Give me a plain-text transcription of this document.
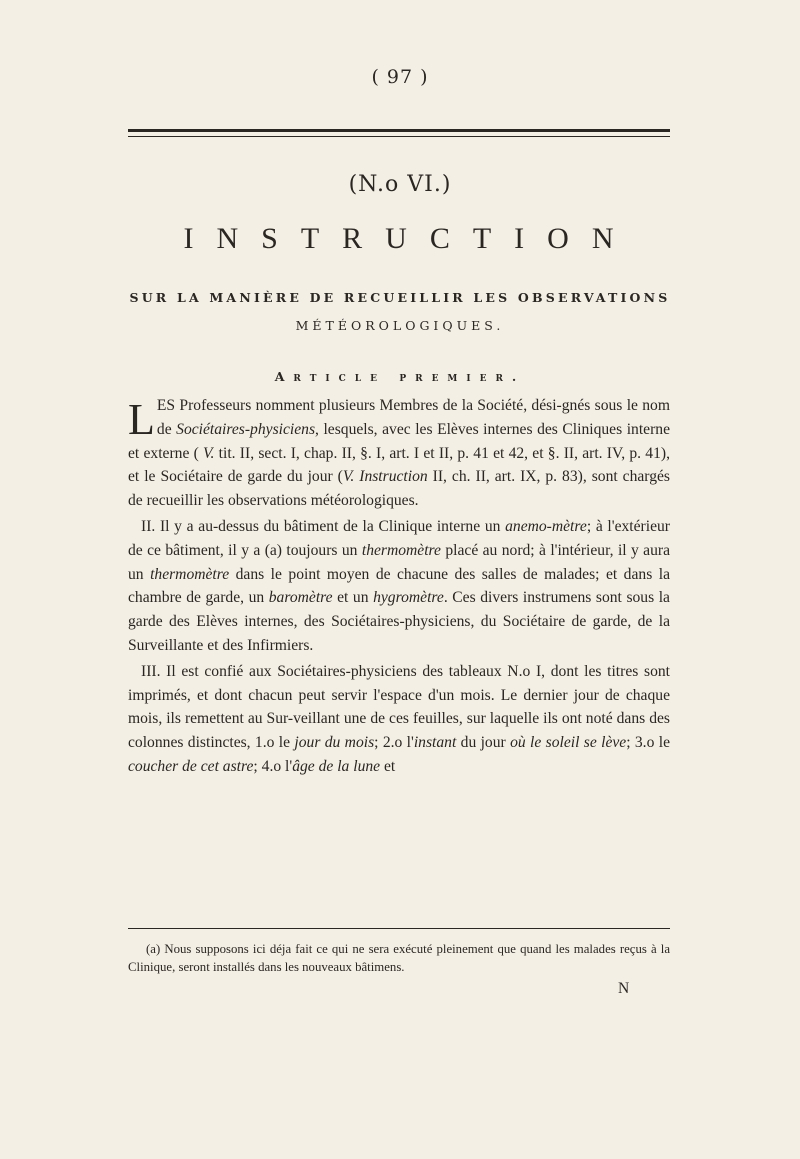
( 97 )
(N.o VI.)
INSTRUCTION
SUR LA MANIÈRE DE RECUEILLIR LES OBSERVATIONS
MÉTÉOROLOGIQUES.
Article premier.

LES Professeurs nomment plusieurs Membres de la Société, dési-gnés sous le nom de Sociétaires-physiciens, lesquels, avec les Elèves internes des Cliniques interne et externe ( V. tit. II, sect. I, chap. II, §. I, art. I et II, p. 41 et 42, et §. II, art. IV, p. 41), et le Sociétaire de garde du jour (V. Instruction II, ch. II, art. IX, p. 83), sont chargés de recueillir les observations météorologiques.

II. Il y a au-dessus du bâtiment de la Clinique interne un anemo-mètre; à l'extérieur de ce bâtiment, il y a (a) toujours un thermomètre placé au nord; à l'intérieur, il y aura un thermomètre dans le point moyen de chacune des salles de malades; et dans la chambre de garde, un baromètre et un hygromètre. Ces divers instrumens sont sous la garde des Elèves internes, des Sociétaires-physiciens, du Sociétaire de garde, de la Surveillante et des Infirmiers.

III. Il est confié aux Sociétaires-physiciens des tableaux N.o I, dont les titres sont imprimés, et dont chacun peut servir l'espace d'un mois. Le dernier jour de chaque mois, ils remettent au Sur-veillant une de ces feuilles, sur laquelle ils ont noté dans des colonnes distinctes, 1.o le jour du mois; 2.o l'instant du jour où le soleil se lève; 3.o le coucher de cet astre; 4.o l'âge de la lune et

(a) Nous supposons ici déja fait ce qui ne sera exécuté pleinement que quand les malades reçus à la Clinique, seront installés dans les nouveaux bâtimens.
N
